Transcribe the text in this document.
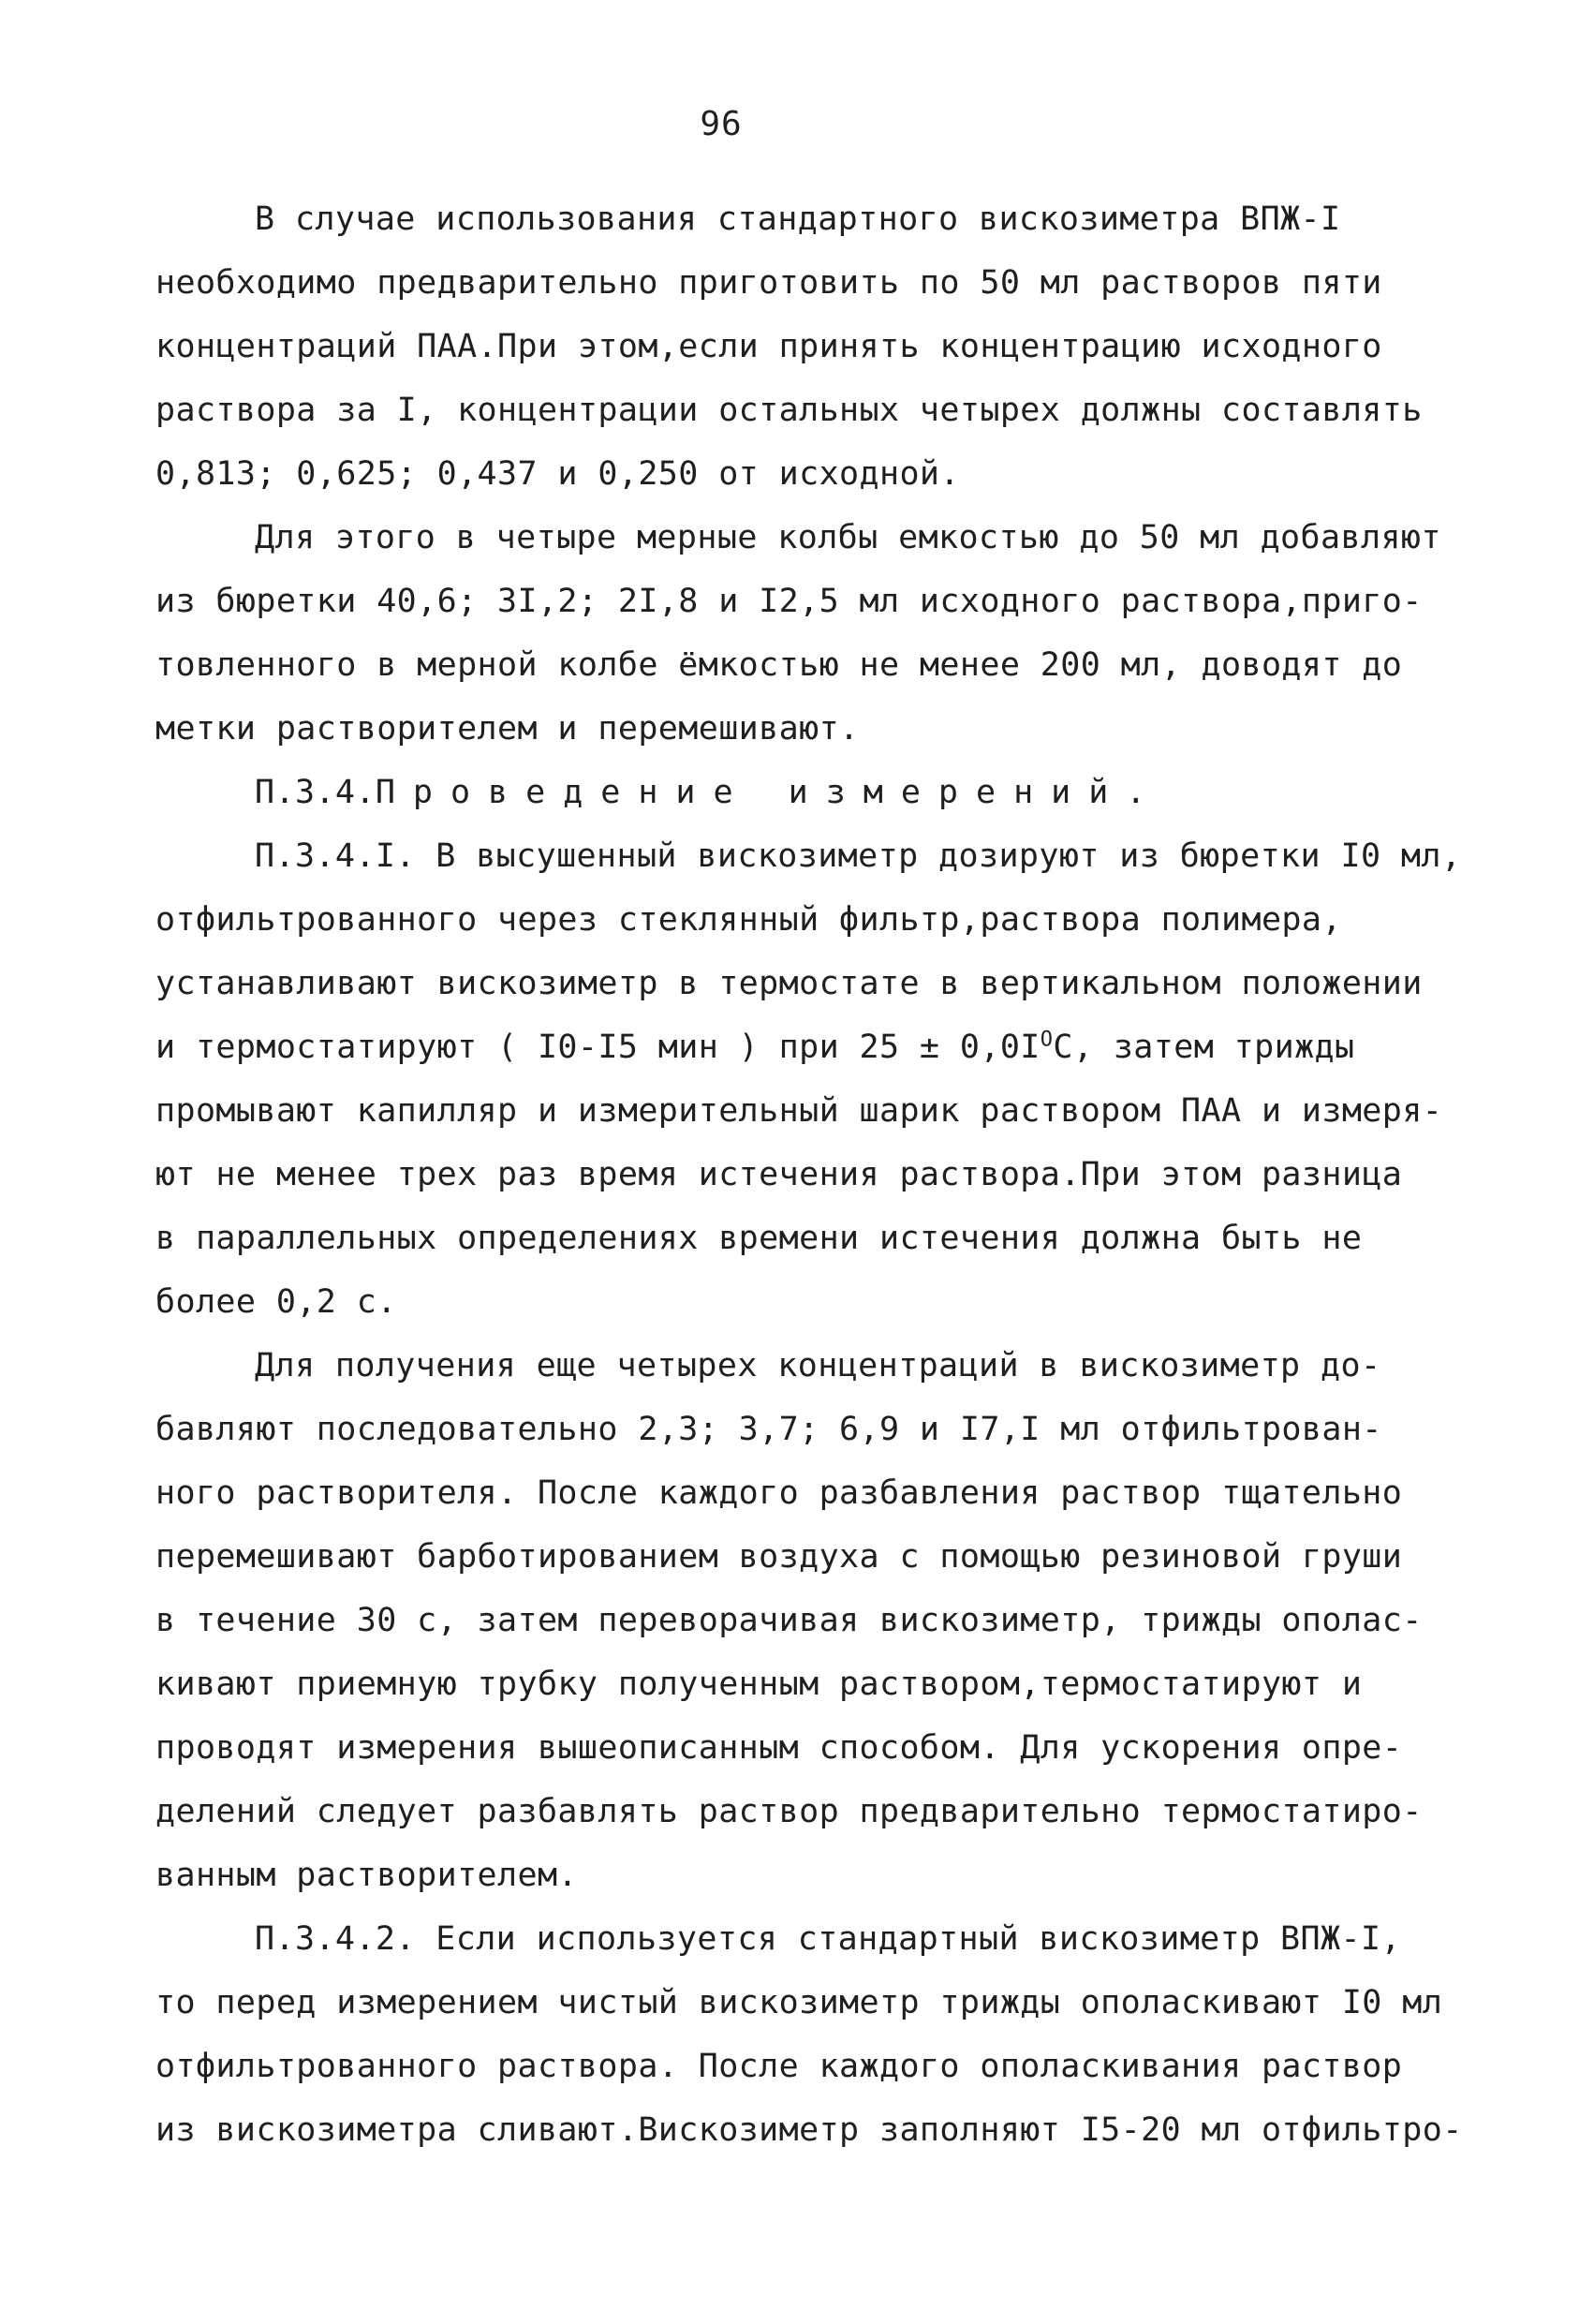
96
В случае использования стандартного вискозиметра ВПЖ-I
необходимо предварительно приготовить по 50 мл растворов пяти
концентраций ПАА.При этом,если принять концентрацию исходного
раствора за I, концентрации остальных четырех должны составлять
0,813; 0,625; 0,437 и 0,250 от исходной.
Для этого в четыре мерные колбы емкостью до 50 мл добавляют
из бюретки 40,6; 3I,2; 2I,8 и I2,5 мл исходного раствора,приго-
товленного в мерной колбе ёмкостью не менее 200 мл, доводят до
метки растворителем и перемешивают.
П.3.4.Проведение измерений.
П.3.4.I. В высушенный вискозиметр дозируют из бюретки I0 мл,
отфильтрованного через стеклянный фильтр,раствора полимера,
устанавливают вискозиметр в термостате в вертикальном положении
и термостатируют ( I0-I5 мин ) при $25 \pm 0,0I^ОС$, затем трижды
промывают капилляр и измерительный шарик раствором ПАА и измеря-
ют не менее трех раз время истечения раствора.При этом разница
в параллельных определениях времени истечения должна быть не
более 0,2 с.
Для получения еще четырех концентраций в вискозиметр до-
бавляют последовательно 2,3; 3,7; 6,9 и I7,I мл отфильтрован-
ного растворителя. После каждого разбавления раствор тщательно
перемешивают барботированием воздуха с помощью резиновой груши
в течение 30 с, затем переворачивая вискозиметр, трижды ополас-
кивают приемную трубку полученным раствором,термостатируют и
проводят измерения вышеописанным способом. Для ускорения опре-
делений следует разбавлять раствор предварительно термостатиро-
ванным растворителем.
П.3.4.2. Если используется стандартный вискозиметр ВПЖ-I,
то перед измерением чистый вискозиметр трижды ополаскивают I0 мл
отфильтрованного раствора. После каждого ополаскивания раствор
из вискозиметра сливают.Вискозиметр заполняют I5-20 мл отфильтро-
